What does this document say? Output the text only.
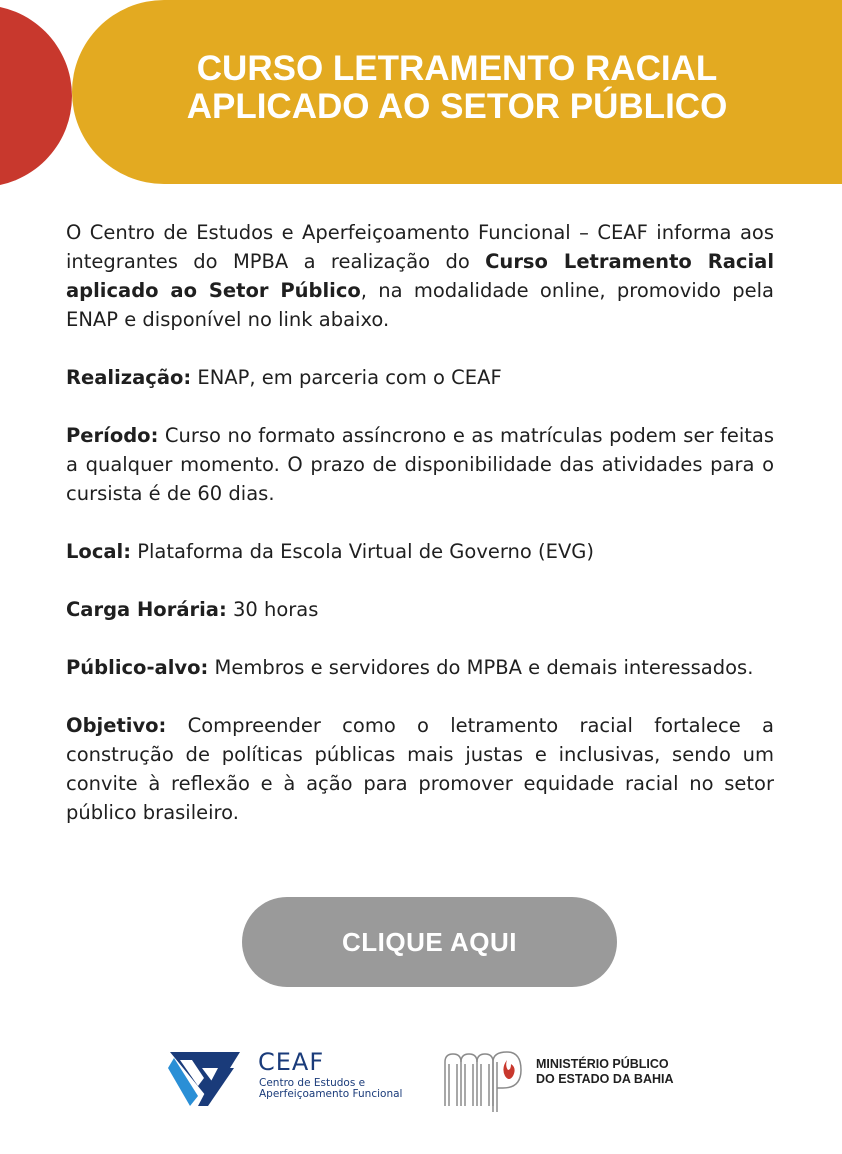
CURSO LETRAMENTO RACIAL
APLICADO AO SETOR PÚBLICO

O Centro de Estudos e Aperfeiçoamento Funcional – CEAF informa aos integrantes do MPBA a realização do Curso Letramento Racial aplicado ao Setor Público, na modalidade online, promovido pela ENAP e disponível no link abaixo.

Realização: ENAP, em parceria com o CEAF

Período: Curso no formato assíncrono e as matrículas podem ser feitas a qualquer momento. O prazo de disponibilidade das atividades para o cursista é de 60 dias.

Local: Plataforma da Escola Virtual de Governo (EVG)

Carga Horária: 30 horas

Público-alvo: Membros e servidores do MPBA e demais interessados.

Objetivo: Compreender como o letramento racial fortalece a construção de políticas públicas mais justas e inclusivas, sendo um convite à reflexão e à ação para promover equidade racial no setor público brasileiro.

CLIQUE AQUI
CEAF
Centro de Estudos e
Aperfeiçoamento Funcional
MINISTÉRIO PÚBLICO
DO ESTADO DA BAHIA
